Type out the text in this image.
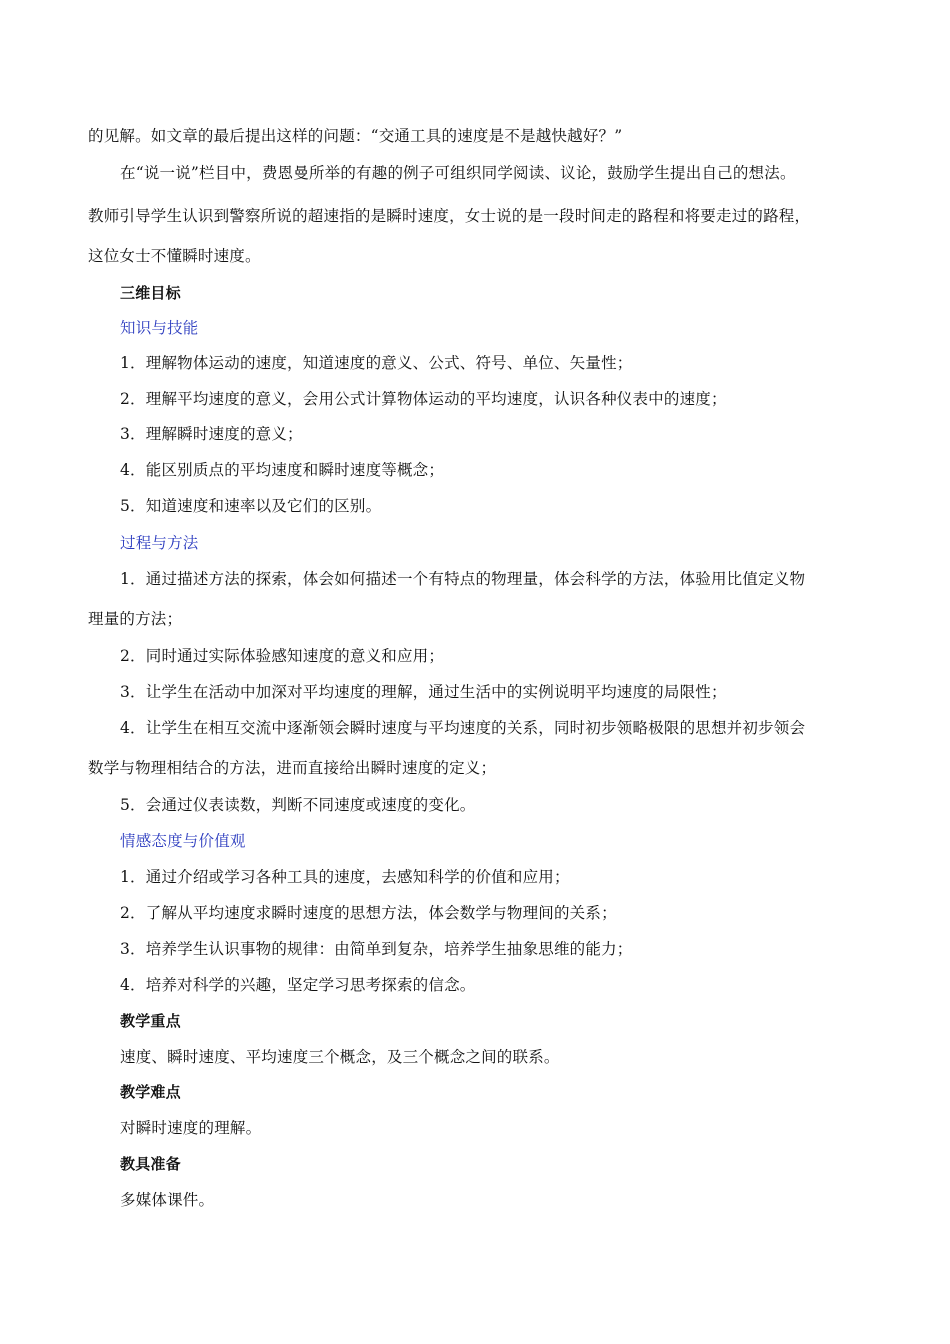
的见解。如文章的最后提出这样的问题：“交通工具的速度是不是越快越好？”
在“说一说”栏目中，费恩曼所举的有趣的例子可组织同学阅读、议论，鼓励学生提出自己的想法。
教师引导学生认识到警察所说的超速指的是瞬时速度，女士说的是一段时间走的路程和将要走过的路程，
这位女士不懂瞬时速度。
三维目标
知识与技能
1．理解物体运动的速度，知道速度的意义、公式、符号、单位、矢量性；
2．理解平均速度的意义，会用公式计算物体运动的平均速度，认识各种仪表中的速度；
3．理解瞬时速度的意义；
4．能区别质点的平均速度和瞬时速度等概念；
5．知道速度和速率以及它们的区别。
过程与方法
1．通过描述方法的探索，体会如何描述一个有特点的物理量，体会科学的方法，体验用比值定义物
理量的方法；
2．同时通过实际体验感知速度的意义和应用；
3．让学生在活动中加深对平均速度的理解，通过生活中的实例说明平均速度的局限性；
4．让学生在相互交流中逐渐领会瞬时速度与平均速度的关系，同时初步领略极限的思想并初步领会
数学与物理相结合的方法，进而直接给出瞬时速度的定义；
5．会通过仪表读数，判断不同速度或速度的变化。
情感态度与价值观
1．通过介绍或学习各种工具的速度，去感知科学的价值和应用；
2．了解从平均速度求瞬时速度的思想方法，体会数学与物理间的关系；
3．培养学生认识事物的规律：由简单到复杂，培养学生抽象思维的能力；
4．培养对科学的兴趣，坚定学习思考探索的信念。
教学重点
速度、瞬时速度、平均速度三个概念，及三个概念之间的联系。
教学难点
对瞬时速度的理解。
教具准备
多媒体课件。
